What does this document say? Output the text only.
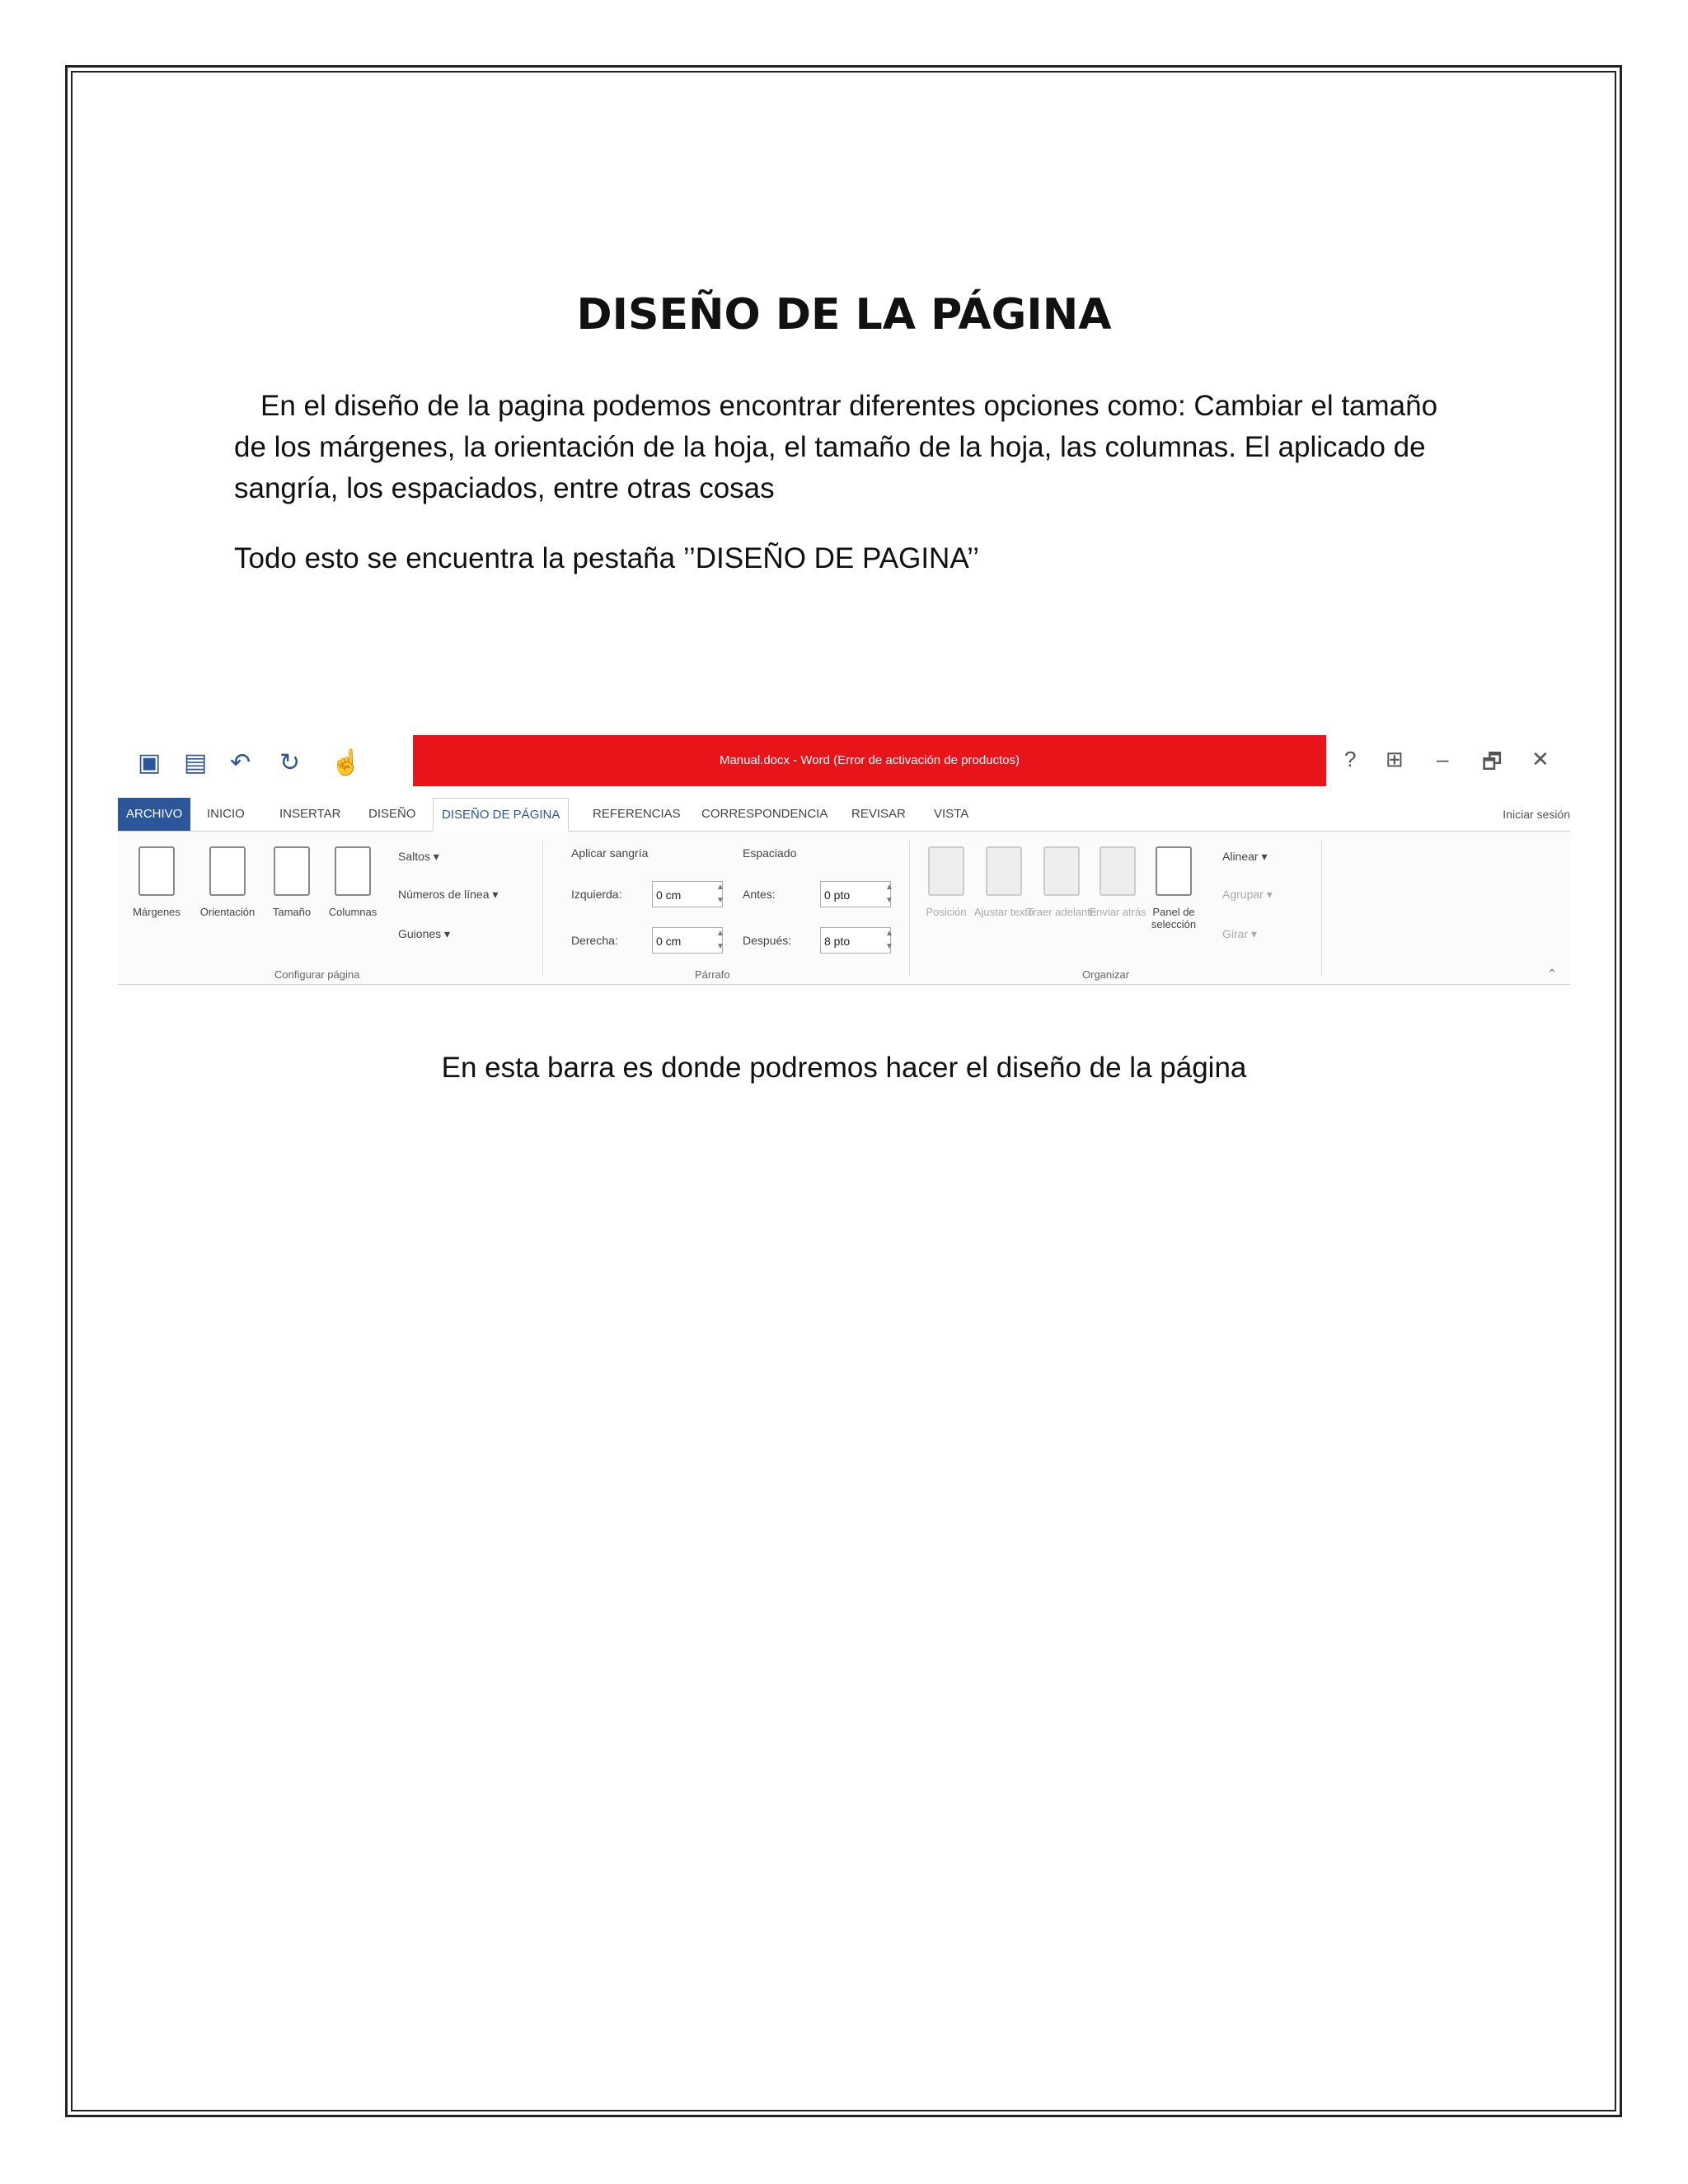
DISEÑO DE LA PÁGINA
En el diseño de la pagina podemos encontrar diferentes opciones como: Cambiar el tamaño de los márgenes, la orientación de la hoja, el tamaño de la hoja, las columnas. El aplicado de sangría, los espaciados, entre otras cosas
Todo esto se encuentra la pestaña ’’DISEÑO DE PAGINA’’
▣ ▤ ↶ ↻ ☝	Manual.docx - Word (Error de activación de productos)	? ⊞ – 🗗 ✕
ARCHIVO	INICIO	INSERTAR	DISEÑO	DISEÑO DE PÁGINA	REFERENCIAS	CORRESPONDENCIA	REVISAR	VISTA	Iniciar sesión
Márgenes	Orientación	Tamaño	Columnas
Saltos ▾
Números de línea ▾
Guiones ▾
Configurar página
Aplicar sangría	Espaciado
Izquierda:	0 cm
▲
▼
Derecha:	0 cm
▲
▼
Antes:	0 pto
▲
▼
Después:	8 pto
▲
▼
Párrafo
Posición Ajustar texto
Traer adelante
Enviar atrás Panel de selección
Alinear ▾
Agrupar ▾
Girar ▾
Organizar	⌃
En esta barra es donde podremos hacer el diseño de la página
